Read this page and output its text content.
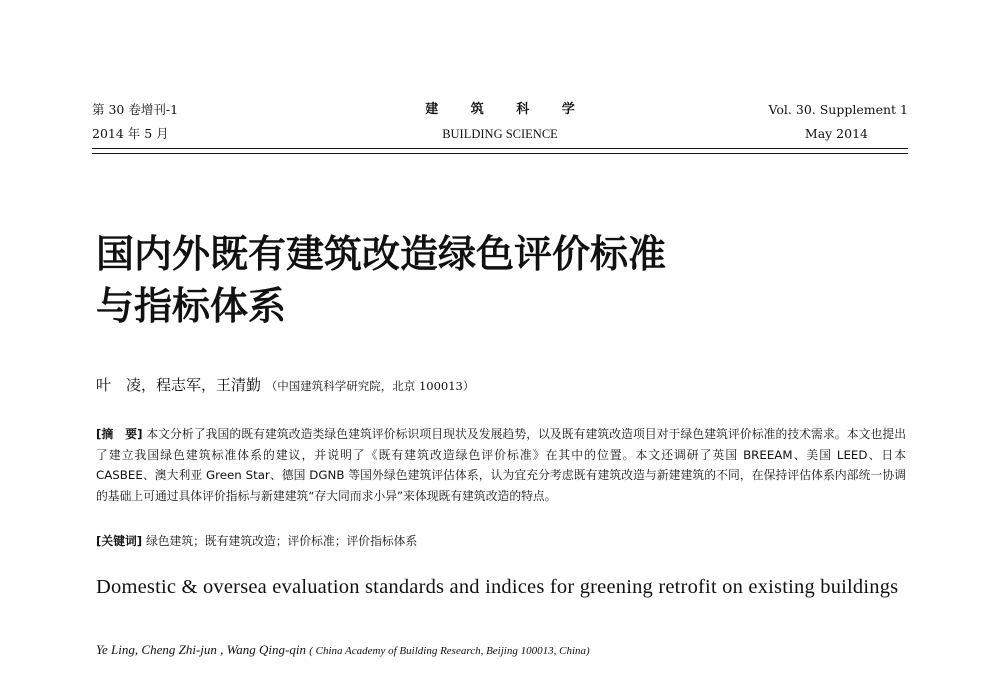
第 30 卷增刊-1
2014 年 5 月
建 筑 科 学
BUILDING SCIENCE
Vol. 30. Supplement 1
May 2014
国内外既有建筑改造绿色评价标准
与指标体系
叶　凌，程志军，王清勤 （中国建筑科学研究院，北京 100013）
[摘　要] 本文分析了我国的既有建筑改造类绿色建筑评价标识项目现状及发展趋势，以及既有建筑改造项目对于绿色建筑评价标准的技术需求。本文也提出了建立我国绿色建筑标准体系的建议，并说明了《既有建筑改造绿色评价标准》在其中的位置。本文还调研了英国 BREEAM、美国 LEED、日本 CASBEE、澳大利亚 Green Star、德国 DGNB 等国外绿色建筑评估体系，认为宜充分考虑既有建筑改造与新建建筑的不同，在保持评估体系内部统一协调的基础上可通过具体评价指标与新建建筑“存大同而求小异”来体现既有建筑改造的特点。
[关键词] 绿色建筑；既有建筑改造；评价标准；评价指标体系
Domestic & oversea evaluation standards and indices for greening retrofit on existing buildings
Ye Ling, Cheng Zhi-jun , Wang Qing-qin ( China Academy of Building Research, Beijing 100013, China)
